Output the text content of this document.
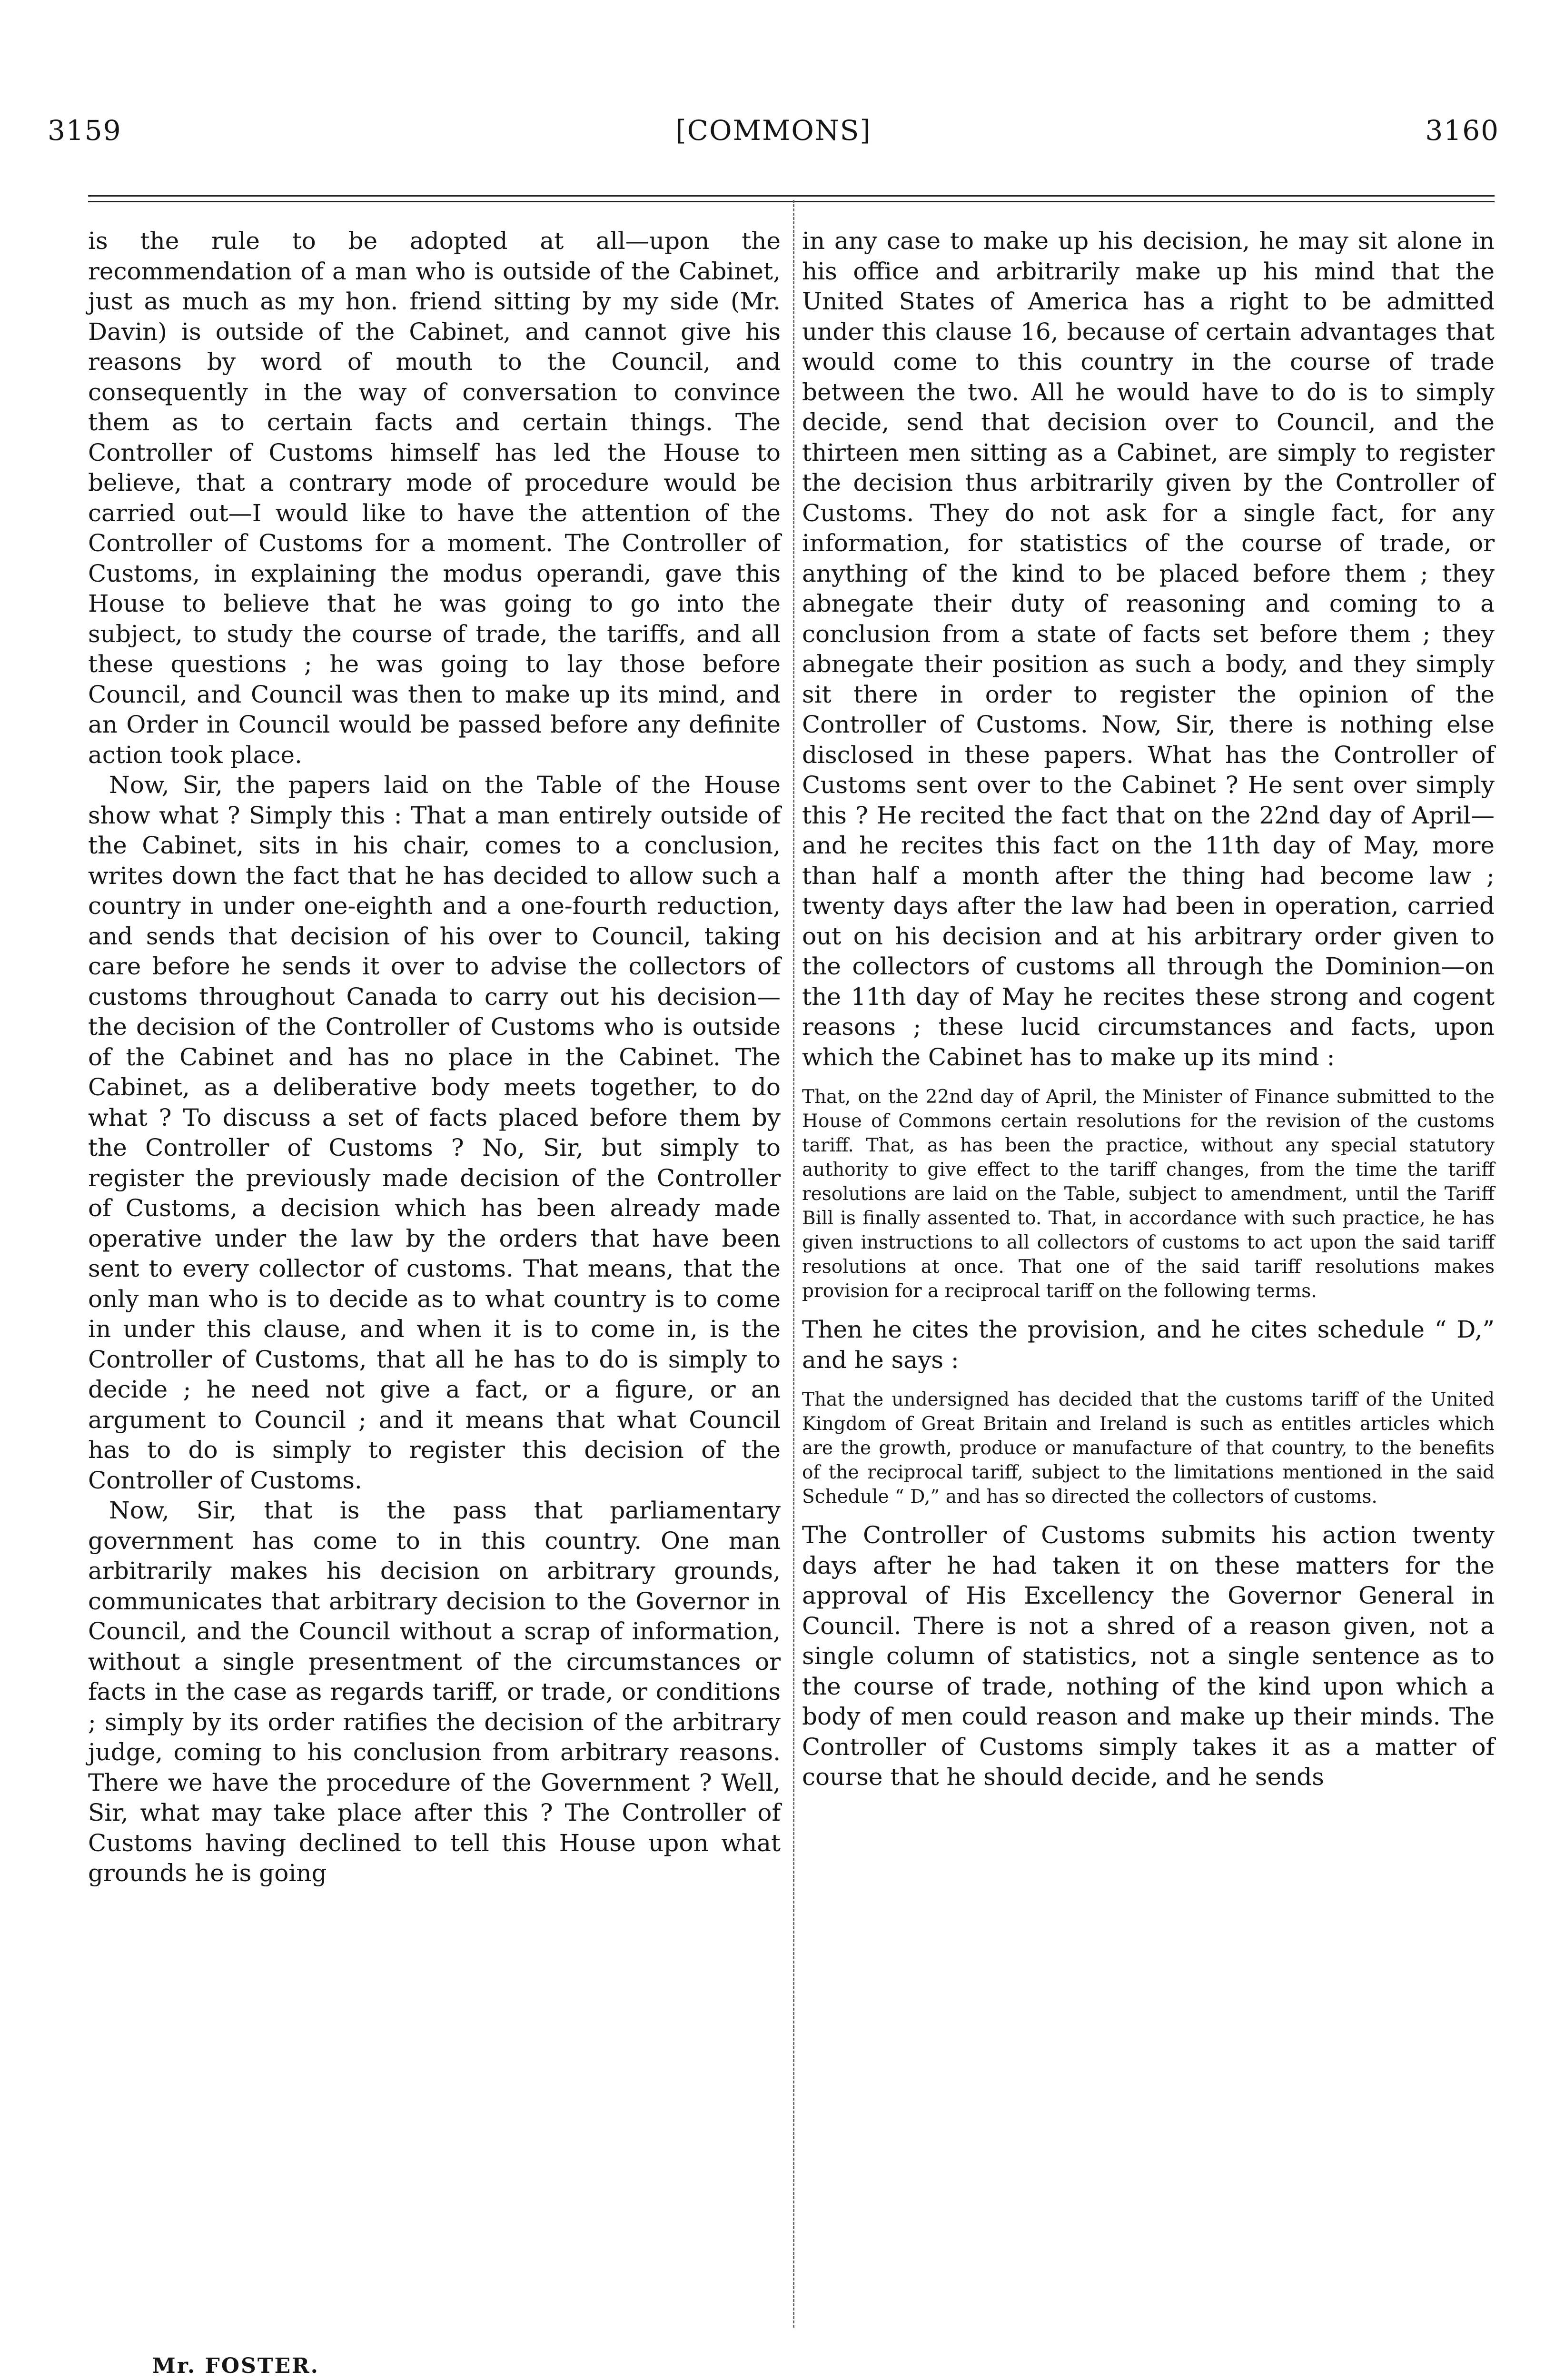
3159	[COMMONS]	3160

is the rule to be adopted at all—upon the recommendation of a man who is outside of the Cabinet, just as much as my hon. friend sitting by my side (Mr. Davin) is outside of the Cabinet, and cannot give his reasons by word of mouth to the Council, and consequently in the way of conversation to convince them as to certain facts and certain things. The Controller of Customs himself has led the House to believe, that a contrary mode of procedure would be carried out—I would like to have the attention of the Controller of Customs for a moment. The Controller of Customs, in explaining the modus operandi, gave this House to believe that he was going to go into the subject, to study the course of trade, the tariffs, and all these questions ; he was going to lay those before Council, and Council was then to make up its mind, and an Order in Council would be passed before any definite action took place.

Now, Sir, the papers laid on the Table of the House show what ? Simply this : That a man entirely outside of the Cabinet, sits in his chair, comes to a conclusion, writes down the fact that he has decided to allow such a country in under one-eighth and a one-fourth reduction, and sends that decision of his over to Council, taking care before he sends it over to advise the collectors of customs throughout Canada to carry out his decision—the decision of the Controller of Customs who is outside of the Cabinet and has no place in the Cabinet. The Cabinet, as a deliberative body meets together, to do what ? To discuss a set of facts placed before them by the Controller of Customs ? No, Sir, but simply to register the previously made decision of the Controller of Customs, a decision which has been already made operative under the law by the orders that have been sent to every collector of customs. That means, that the only man who is to decide as to what country is to come in under this clause, and when it is to come in, is the Controller of Customs, that all he has to do is simply to decide ; he need not give a fact, or a figure, or an argument to Council ; and it means that what Council has to do is simply to register this decision of the Controller of Customs.

Now, Sir, that is the pass that parliamentary government has come to in this country. One man arbitrarily makes his decision on arbitrary grounds, communicates that arbitrary decision to the Governor in Council, and the Council without a scrap of information, without a single presentment of the circumstances or facts in the case as regards tariff, or trade, or conditions ; simply by its order ratifies the decision of the arbitrary judge, coming to his conclusion from arbitrary reasons. There we have the procedure of the Government ? Well, Sir, what may take place after this ? The Controller of Customs having declined to tell this House upon what grounds he is going

in any case to make up his decision, he may sit alone in his office and arbitrarily make up his mind that the United States of America has a right to be admitted under this clause 16, because of certain advantages that would come to this country in the course of trade between the two. All he would have to do is to simply decide, send that decision over to Council, and the thirteen men sitting as a Cabinet, are simply to register the decision thus arbitrarily given by the Controller of Customs. They do not ask for a single fact, for any information, for statistics of the course of trade, or anything of the kind to be placed before them ; they abnegate their duty of reasoning and coming to a conclusion from a state of facts set before them ; they abnegate their position as such a body, and they simply sit there in order to register the opinion of the Controller of Customs. Now, Sir, there is nothing else disclosed in these papers. What has the Controller of Customs sent over to the Cabinet ? He sent over simply this ? He recited the fact that on the 22nd day of April—and he recites this fact on the 11th day of May, more than half a month after the thing had become law ; twenty days after the law had been in operation, carried out on his decision and at his arbitrary order given to the collectors of customs all through the Dominion—on the 11th day of May he recites these strong and cogent reasons ; these lucid circumstances and facts, upon which the Cabinet has to make up its mind :

That, on the 22nd day of April, the Minister of Finance submitted to the House of Commons certain resolutions for the revision of the customs tariff. That, as has been the practice, without any special statutory authority to give effect to the tariff changes, from the time the tariff resolutions are laid on the Table, subject to amendment, until the Tariff Bill is finally assented to. That, in accordance with such practice, he has given instructions to all collectors of customs to act upon the said tariff resolutions at once. That one of the said tariff resolutions makes provision for a reciprocal tariff on the following terms.

Then he cites the provision, and he cites schedule “ D,” and he says :

That the undersigned has decided that the customs tariff of the United Kingdom of Great Britain and Ireland is such as entitles articles which are the growth, produce or manufacture of that country, to the benefits of the reciprocal tariff, subject to the limitations mentioned in the said Schedule “ D,” and has so directed the collectors of customs.

The Controller of Customs submits his action twenty days after he had taken it on these matters for the approval of His Excellency the Governor General in Council. There is not a shred of a reason given, not a single column of statistics, not a single sentence as to the course of trade, nothing of the kind upon which a body of men could reason and make up their minds. The Controller of Customs simply takes it as a matter of course that he should decide, and he sends

Mr. FOSTER.
